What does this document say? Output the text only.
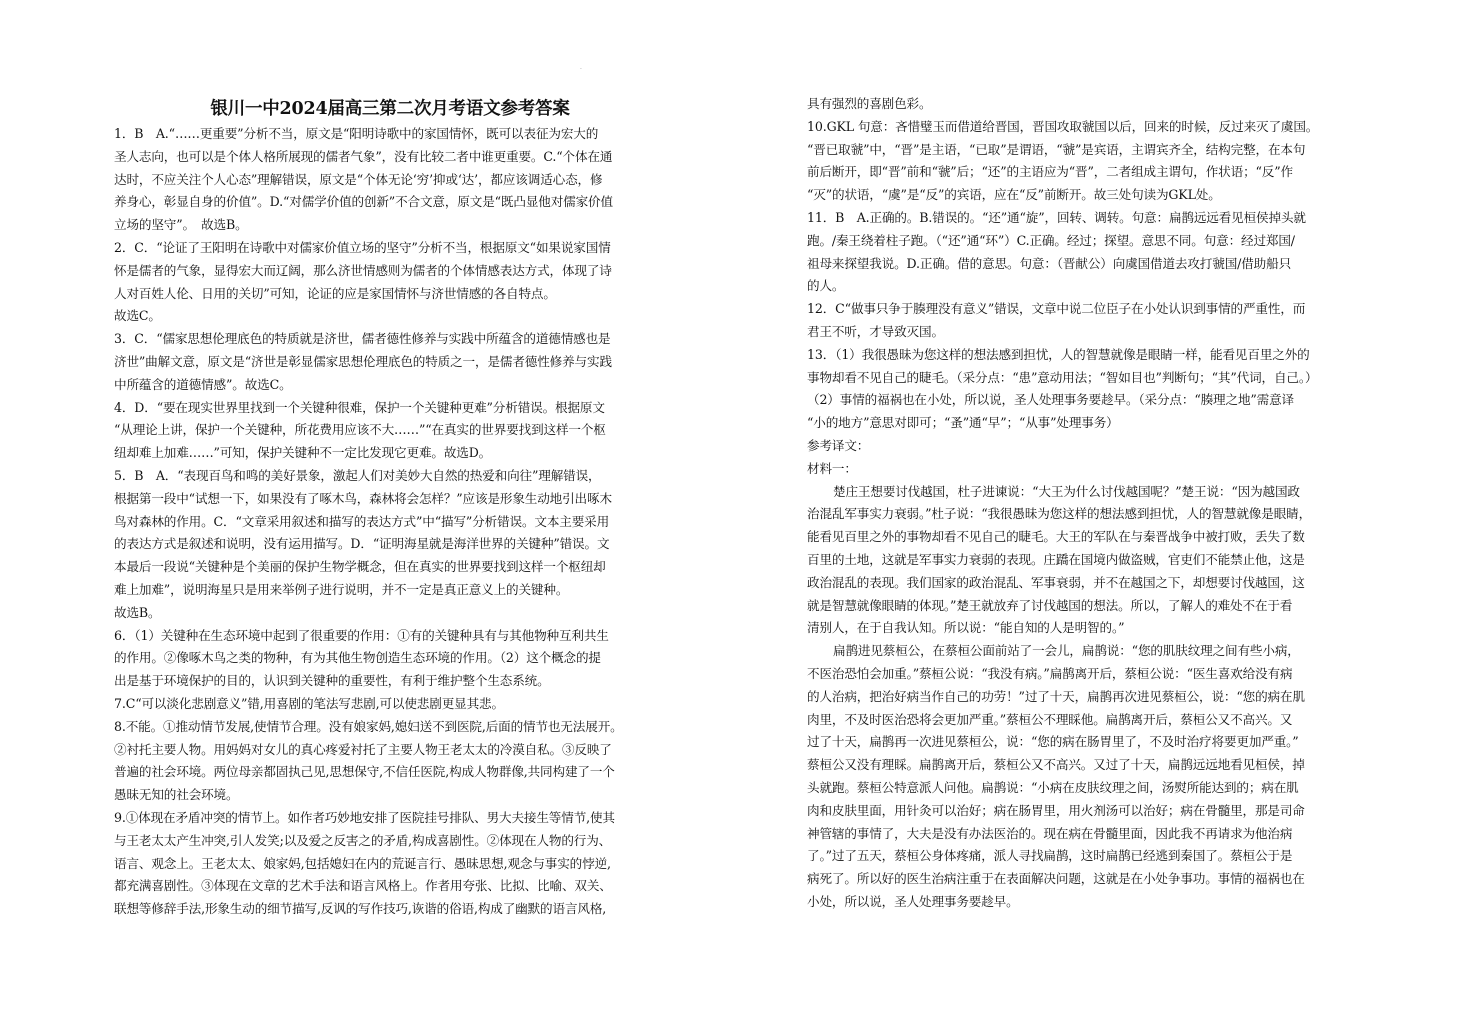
·
银川一中2024届高三第二次月考语文参考答案
1．B　A.“……更重要”分析不当，原文是“阳明诗歌中的家国情怀，既可以表征为宏大的
圣人志向，也可以是个体人格所展现的儒者气象”，没有比较二者中谁更重要。C.“个体在通
达时，不应关注个人心态”理解错误，原文是“个体无论‘穷’抑或‘达’，都应该调适心态，修
养身心，彰显自身的价值”。D.“对儒学价值的创新”不合文意，原文是“既凸显他对儒家价值
立场的坚守”。　故选B。
2．C．“论证了王阳明在诗歌中对儒家价值立场的坚守”分析不当，根据原文“如果说家国情
怀是儒者的气象，显得宏大而辽阔，那么济世情感则为儒者的个体情感表达方式，体现了诗
人对百姓人伦、日用的关切”可知，论证的应是家国情怀与济世情感的各自特点。
故选C。
3．C．“儒家思想伦理底色的特质就是济世，儒者德性修养与实践中所蕴含的道德情感也是
济世”曲解文意，原文是“济世是彰显儒家思想伦理底色的特质之一，是儒者德性修养与实践
中所蕴含的道德情感”。故选C。
4．D．“要在现实世界里找到一个关键种很难，保护一个关键种更难”分析错误。根据原文
“从理论上讲，保护一个关键种，所花费用应该不大……”“在真实的世界要找到这样一个枢
纽却难上加难……”可知，保护关键种不一定比发现它更难。故选D。
5．B　A．“表现百鸟和鸣的美好景象，激起人们对美妙大自然的热爱和向往”理解错误，
根据第一段中“试想一下，如果没有了啄木鸟，森林将会怎样？”应该是形象生动地引出啄木
鸟对森林的作用。C．“文章采用叙述和描写的表达方式”中“描写”分析错误。文本主要采用
的表达方式是叙述和说明，没有运用描写。D．“证明海星就是海洋世界的关键种”错误。文
本最后一段说“关键种是个美丽的保护生物学概念，但在真实的世界要找到这样一个枢纽却
难上加难”，说明海星只是用来举例子进行说明，并不一定是真正意义上的关键种。
故选B。
6．（1）关键种在生态环境中起到了很重要的作用：①有的关键种具有与其他物种互利共生
的作用。②像啄木鸟之类的物种，有为其他生物创造生态环境的作用。（2）这个概念的提
出是基于环境保护的目的，认识到关键种的重要性，有利于维护整个生态系统。
7.C“可以淡化悲剧意义”错,用喜剧的笔法写悲剧,可以使悲剧更显其悲。
8.不能。①推动情节发展,使情节合理。没有娘家妈,媳妇送不到医院,后面的情节也无法展开。
②衬托主要人物。用妈妈对女儿的真心疼爱衬托了主要人物王老太太的冷漠自私。③反映了
普遍的社会环境。两位母亲都固执己见,思想保守,不信任医院,构成人物群像,共同构建了一个
愚昧无知的社会环境。
9.①体现在矛盾冲突的情节上。如作者巧妙地安排了医院挂号排队、男大夫接生等情节,使其
与王老太太产生冲突,引人发笑;以及爱之反害之的矛盾,构成喜剧性。②体现在人物的行为、
语言、观念上。王老太太、娘家妈,包括媳妇在内的荒诞言行、愚昧思想,观念与事实的悖逆,
都充满喜剧性。③体现在文章的艺术手法和语言风格上。作者用夸张、比拟、比喻、双关、
联想等修辞手法,形象生动的细节描写,反讽的写作技巧,诙谐的俗语,构成了幽默的语言风格,
具有强烈的喜剧色彩。
10.GKL 句意：吝惜璧玉而借道给晋国，晋国攻取虢国以后，回来的时候，反过来灭了虞国。
“晋已取虢”中，“晋”是主语，“已取”是谓语，“虢”是宾语，主谓宾齐全，结构完整，在本句
前后断开，即“晋”前和“虢”后；“还”的主语应为“晋”，二者组成主谓句，作状语；“反”作
“灭”的状语，“虞”是“反”的宾语，应在“反”前断开。故三处句读为GKL处。
11．B　A.正确的。B.错误的。“还”通“旋”，回转、调转。句意：扁鹊远远看见桓侯掉头就
跑。/秦王绕着柱子跑。（“还”通“环”）C.正确。经过；探望。意思不同。句意：经过郑国/
祖母来探望我说。D.正确。借的意思。句意：（晋献公）向虞国借道去攻打虢国/借助船只
的人。
12．C“做事只争于腠理没有意义”错误，文章中说二位臣子在小处认识到事情的严重性，而
君王不听，才导致灭国。
13．（1）我很愚昧为您这样的想法感到担忧，人的智慧就像是眼睛一样，能看见百里之外的
事物却看不见自己的睫毛。（采分点：“患”意动用法；“智如目也”判断句；“其”代词，自己。）
（2）事情的福祸也在小处，所以说，圣人处理事务要趁早。（采分点：“腠理之地”需意译
“小的地方”意思对即可；“蚤”通“早”；“从事”处理事务）
参考译文：
材料一：
楚庄王想要讨伐越国，杜子进谏说：“大王为什么讨伐越国呢？”楚王说：“因为越国政
治混乱军事实力衰弱。”杜子说：“我很愚昧为您这样的想法感到担忧，人的智慧就像是眼睛，
能看见百里之外的事物却看不见自己的睫毛。大王的军队在与秦晋战争中被打败，丢失了数
百里的土地，这就是军事实力衰弱的表现。庄蹻在国境内做盗贼，官吏们不能禁止他，这是
政治混乱的表现。我们国家的政治混乱、军事衰弱，并不在越国之下，却想要讨伐越国，这
就是智慧就像眼睛的体现。”楚王就放弃了讨伐越国的想法。所以，了解人的难处不在于看
清别人，在于自我认知。所以说：“能自知的人是明智的。”
扁鹊进见蔡桓公，在蔡桓公面前站了一会儿，扁鹊说：“您的肌肤纹理之间有些小病，
不医治恐怕会加重。”蔡桓公说：“我没有病。”扁鹊离开后，蔡桓公说：“医生喜欢给没有病
的人治病，把治好病当作自己的功劳！”过了十天，扁鹊再次进见蔡桓公，说：“您的病在肌
肉里，不及时医治恐将会更加严重。”蔡桓公不理睬他。扁鹊离开后，蔡桓公又不高兴。又
过了十天，扁鹊再一次进见蔡桓公，说：“您的病在肠胃里了，不及时治疗将要更加严重。”
蔡桓公又没有理睬。扁鹊离开后，蔡桓公又不高兴。又过了十天，扁鹊远远地看见桓侯，掉
头就跑。蔡桓公特意派人问他。扁鹊说：“小病在皮肤纹理之间，汤熨所能达到的；病在肌
肉和皮肤里面，用针灸可以治好；病在肠胃里，用火剂汤可以治好；病在骨髓里，那是司命
神管辖的事情了，大夫是没有办法医治的。现在病在骨髓里面，因此我不再请求为他治病
了。”过了五天，蔡桓公身体疼痛，派人寻找扁鹊，这时扁鹊已经逃到秦国了。蔡桓公于是
病死了。所以好的医生治病注重于在表面解决问题，这就是在小处争事功。事情的福祸也在
小处，所以说，圣人处理事务要趁早。
